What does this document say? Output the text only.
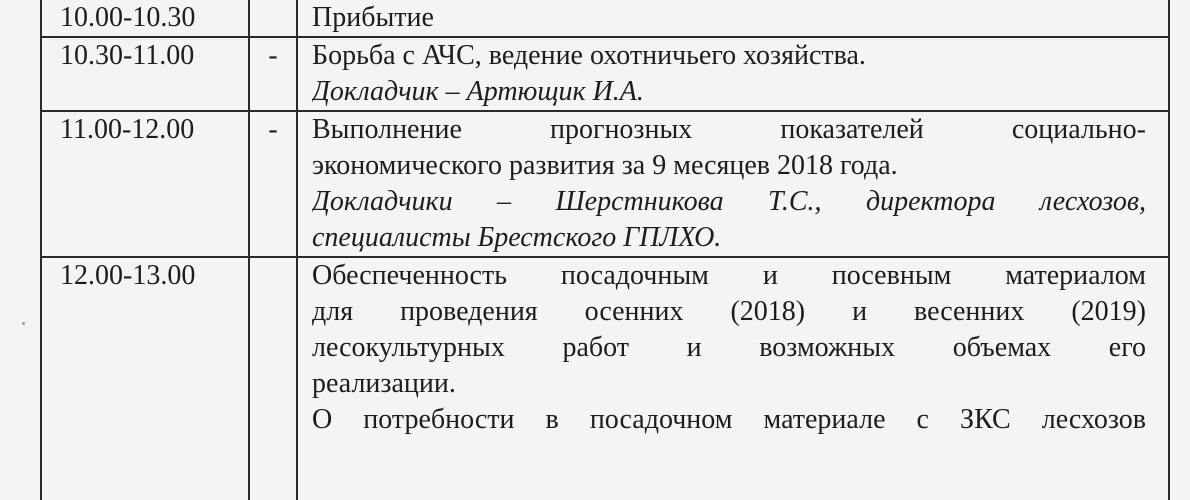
10.00-10.30		Прибытие

10.30-11.00	-	Борьба с АЧС, ведение охотничьего хозяйства.
Докладчик – Артющик И.А.

11.00-12.00	-	Выполнение прогнозных показателей социально-
экономического развития за 9 месяцев 2018 года.
Докладчики – Шерстникова Т.С., директора лесхозов,
специалисты Брестского ГПЛХО.

12.00-13.00		Обеспеченность посадочным и посевным материалом
для проведения осенних (2018) и весенних (2019)
лесокультурных работ и возможных объемах его
реализации.
О потребности в посадочном материале с ЗКС лесхозов
